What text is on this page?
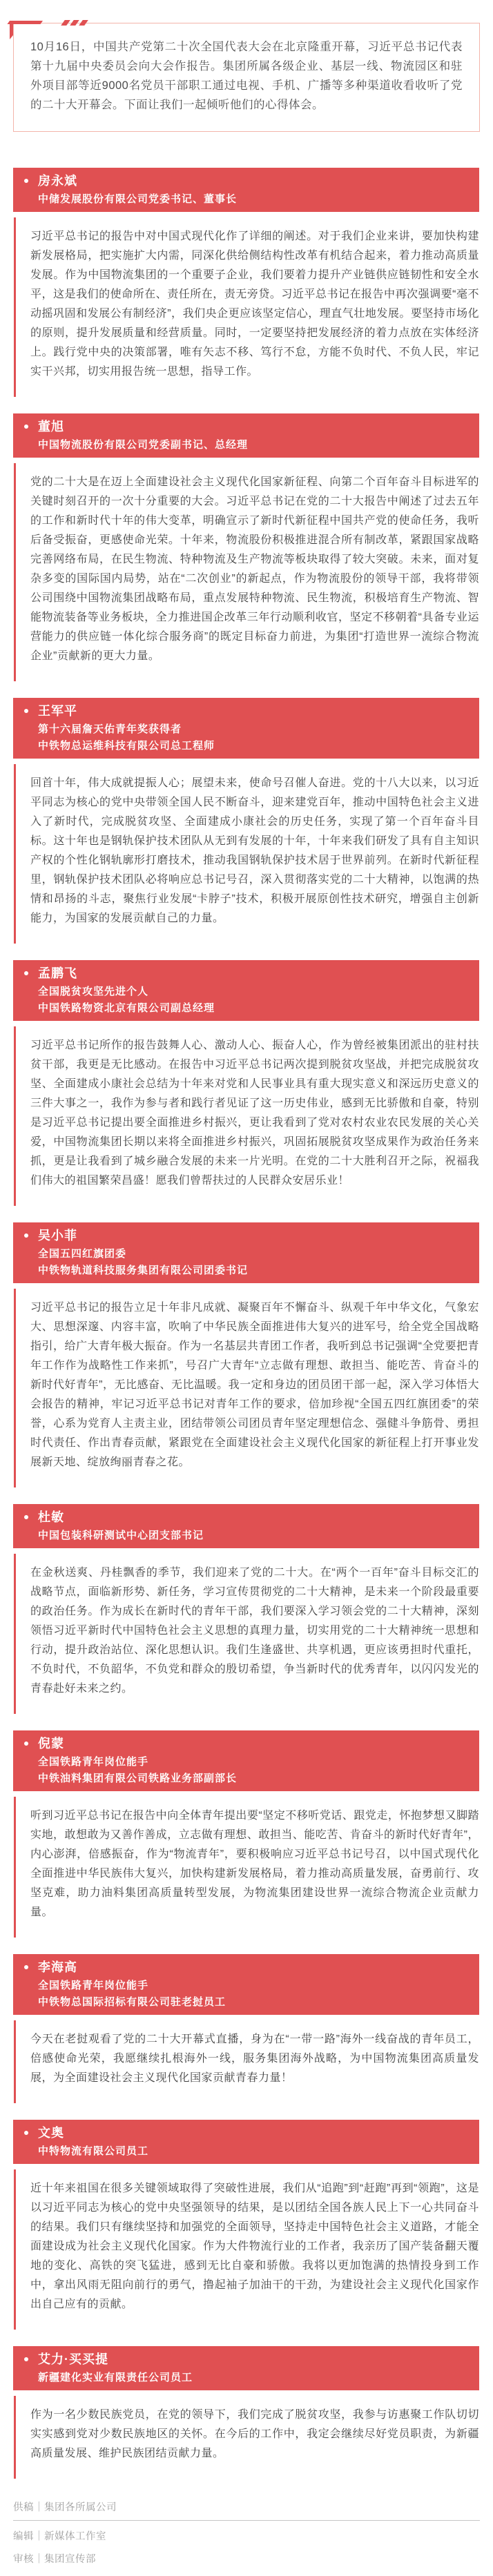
10月16日，中国共产党第二十次全国代表大会在北京隆重开幕，习近平总书记代表第十九届中央委员会向大会作报告。集团所属各级企业、基层一线、物流园区和驻外项目部等近9000名党员干部职工通过电视、手机、广播等多种渠道收看收听了党的二十大开幕会。下面让我们一起倾听他们的心得体会。
房永斌
中储发展股份有限公司党委书记、董事长

习近平总书记的报告中对中国式现代化作了详细的阐述。对于我们企业来讲，要加快构建新发展格局，把实施扩大内需，同深化供给侧结构性改革有机结合起来，着力推动高质量发展。作为中国物流集团的一个重要子企业，我们要着力提升产业链供应链韧性和安全水平，这是我们的使命所在、责任所在，责无旁贷。习近平总书记在报告中再次强调要“毫不动摇巩固和发展公有制经济”，我们央企更应该坚定信心，理直气壮地发展。要坚持市场化的原则，提升发展质量和经营质量。同时，一定要坚持把发展经济的着力点放在实体经济上。践行党中央的决策部署，唯有矢志不移、笃行不怠，方能不负时代、不负人民，牢记实干兴邦，切实用报告统一思想，指导工作。

董旭
中国物流股份有限公司党委副书记、总经理

党的二十大是在迈上全面建设社会主义现代化国家新征程、向第二个百年奋斗目标进军的关键时刻召开的一次十分重要的大会。习近平总书记在党的二十大报告中阐述了过去五年的工作和新时代十年的伟大变革，明确宣示了新时代新征程中国共产党的使命任务，我听后备受振奋，更感使命光荣。十年来，物流股份积极推进混合所有制改革，紧跟国家战略完善网络布局，在民生物流、特种物流及生产物流等板块取得了较大突破。未来，面对复杂多变的国际国内局势，站在“二次创业”的新起点，作为物流股份的领导干部，我将带领公司围绕中国物流集团战略布局，重点发展特种物流、民生物流，积极培育生产物流、智能物流装备等业务板块，全力推进国企改革三年行动顺利收官，坚定不移朝着“具备专业运营能力的供应链一体化综合服务商”的既定目标奋力前进，为集团“打造世界一流综合物流企业”贡献新的更大力量。

王军平
第十六届詹天佑青年奖获得者
中铁物总运维科技有限公司总工程师

回首十年，伟大成就提振人心；展望未来，使命号召催人奋进。党的十八大以来，以习近平同志为核心的党中央带领全国人民不断奋斗，迎来建党百年，推动中国特色社会主义进入了新时代，完成脱贫攻坚、全面建成小康社会的历史任务，实现了第一个百年奋斗目标。这十年也是钢轨保护技术团队从无到有发展的十年，十年来我们研发了具有自主知识产权的个性化钢轨廓形打磨技术，推动我国钢轨保护技术居于世界前列。在新时代新征程里，钢轨保护技术团队必将响应总书记号召，深入贯彻落实党的二十大精神，以饱满的热情和昂扬的斗志，聚焦行业发展“卡脖子”技术，积极开展原创性技术研究，增强自主创新能力，为国家的发展贡献自己的力量。

孟鹏飞
全国脱贫攻坚先进个人
中国铁路物资北京有限公司副总经理

习近平总书记所作的报告鼓舞人心、激动人心、振奋人心，作为曾经被集团派出的驻村扶贫干部，我更是无比感动。在报告中习近平总书记两次提到脱贫攻坚战，并把完成脱贫攻坚、全面建成小康社会总结为十年来对党和人民事业具有重大现实意义和深远历史意义的三件大事之一，我作为参与者和践行者见证了这一历史伟业，感到无比骄傲和自豪，特别是习近平总书记提出要全面推进乡村振兴，更让我看到了党对农村农业农民发展的关心关爱，中国物流集团长期以来将全面推进乡村振兴，巩固拓展脱贫攻坚成果作为政治任务来抓，更是让我看到了城乡融合发展的未来一片光明。在党的二十大胜利召开之际，祝福我们伟大的祖国繁荣昌盛！愿我们曾帮扶过的人民群众安居乐业！

吴小菲
全国五四红旗团委
中铁物轨道科技服务集团有限公司团委书记

习近平总书记的报告立足十年非凡成就、凝聚百年不懈奋斗、纵观千年中华文化，气象宏大、思想深邃、内容丰富，吹响了中华民族全面推进伟大复兴的进军号，给全党全国战略指引，给广大青年极大振奋。作为一名基层共青团工作者，我听到总书记强调“全党要把青年工作作为战略性工作来抓”，号召广大青年“立志做有理想、敢担当、能吃苦、肯奋斗的新时代好青年”，无比感奋、无比温暖。我一定和身边的团员团干部一起，深入学习体悟大会报告的精神，牢记习近平总书记对青年工作的要求，倍加珍视“全国五四红旗团委”的荣誉，心系为党育人主责主业，团结带领公司团员青年坚定理想信念、强健斗争筋骨、勇担时代责任、作出青春贡献，紧跟党在全面建设社会主义现代化国家的新征程上打开事业发展新天地、绽放绚丽青春之花。

杜敏
中国包装科研测试中心团支部书记

在金秋送爽、丹桂飘香的季节，我们迎来了党的二十大。在“两个一百年”奋斗目标交汇的战略节点，面临新形势、新任务，学习宣传贯彻党的二十大精神，是未来一个阶段最重要的政治任务。作为成长在新时代的青年干部，我们要深入学习领会党的二十大精神，深刻领悟习近平新时代中国特色社会主义思想的真理力量，切实用党的二十大精神统一思想和行动，提升政治站位、深化思想认识。我们生逢盛世、共享机遇，更应该勇担时代重托，不负时代，不负韶华，不负党和群众的殷切希望，争当新时代的优秀青年，以闪闪发光的青春赴好未来之约。

倪蒙
全国铁路青年岗位能手
中铁油料集团有限公司铁路业务部副部长

听到习近平总书记在报告中向全体青年提出要“坚定不移听党话、跟党走，怀抱梦想又脚踏实地，敢想敢为又善作善成，立志做有理想、敢担当、能吃苦、肯奋斗的新时代好青年”，内心澎湃，倍感振奋，作为“物流青年”，要积极响应习近平总书记号召，以中国式现代化全面推进中华民族伟大复兴，加快构建新发展格局，着力推动高质量发展，奋勇前行、攻坚克难，助力油料集团高质量转型发展，为物流集团建设世界一流综合物流企业贡献力量。

李海高
全国铁路青年岗位能手
中铁物总国际招标有限公司驻老挝员工

今天在老挝观看了党的二十大开幕式直播，身为在“一带一路”海外一线奋战的青年员工，倍感使命光荣，我愿继续扎根海外一线，服务集团海外战略，为中国物流集团高质量发展，为全面建设社会主义现代化国家贡献青春力量！

文奥
中特物流有限公司员工

近十年来祖国在很多关键领域取得了突破性进展，我们从“追跑”到“赶跑”再到“领跑”，这是以习近平同志为核心的党中央坚强领导的结果，是以团结全国各族人民上下一心共同奋斗的结果。我们只有继续坚持和加强党的全面领导，坚持走中国特色社会主义道路，才能全面建设成为社会主义现代化国家。作为大件物流行业的工作者，我亲历了国产装备翻天覆地的变化、高铁的突飞猛进，感到无比自豪和骄傲。我将以更加饱满的热情投身到工作中，拿出风雨无阻向前行的勇气，撸起袖子加油干的干劲，为建设社会主义现代化国家作出自己应有的贡献。

艾力·买买提
新疆建化实业有限责任公司员工

作为一名少数民族党员，在党的领导下，我们完成了脱贫攻坚，我参与访惠聚工作队切切实实感到党对少数民族地区的关怀。在今后的工作中，我定会继续尽好党员职责，为新疆高质量发展、维护民族团结贡献力量。

供稿｜集团各所属公司
编辑｜新媒体工作室
审核｜集团宣传部
